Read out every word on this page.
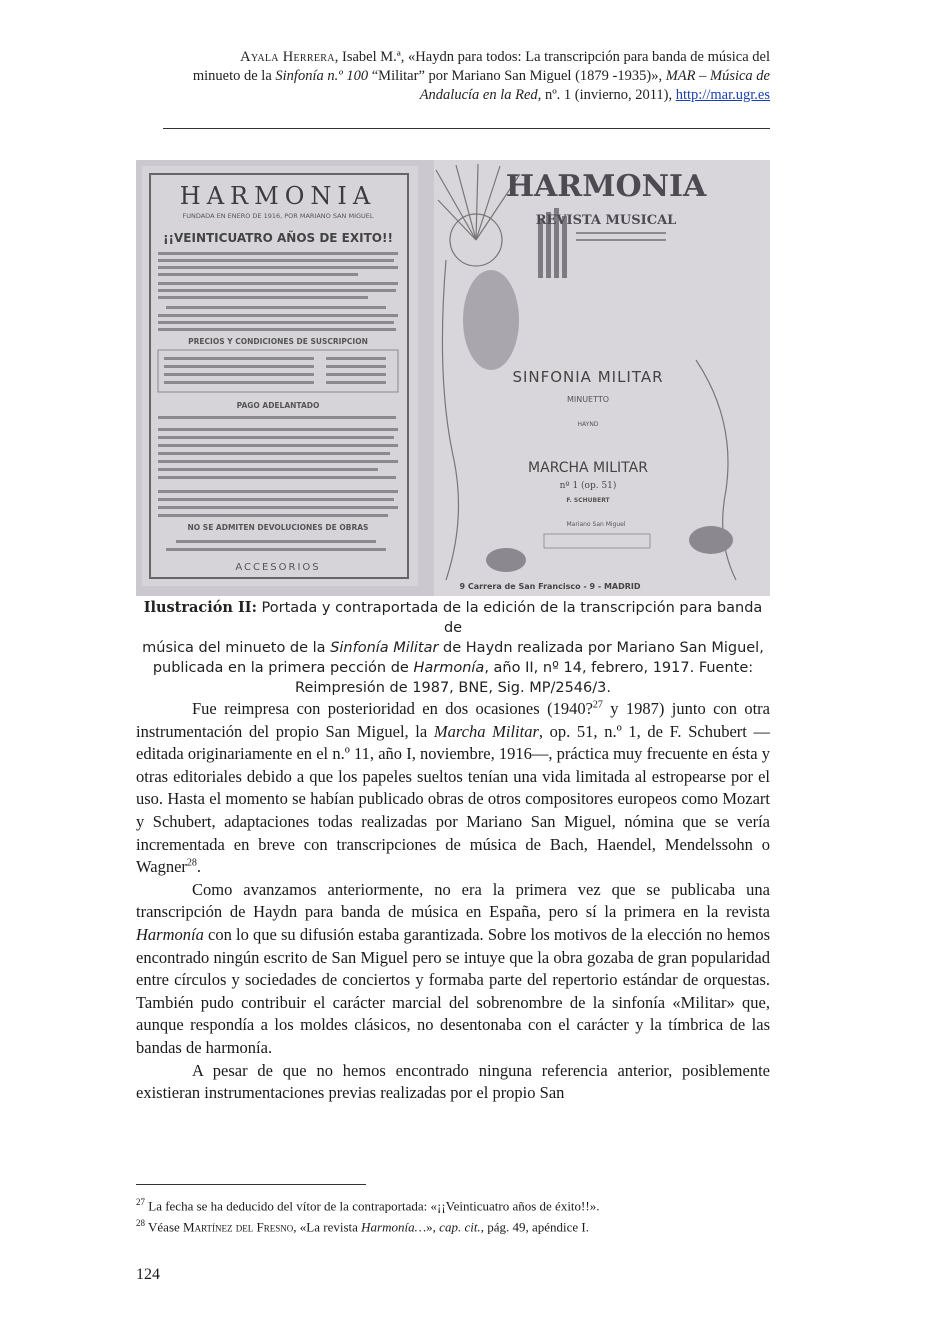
Ayala Herrera, Isabel M.ª, «Haydn para todos: La transcripción para banda de música del
minueto de la Sinfonía n.º 100 “Militar” por Mariano San Miguel (1879 -1935)», MAR – Música de
Andalucía en la Red, nº. 1 (invierno, 2011), http://mar.ugr.es
HARMONIA
FUNDADA EN ENERO DE 1916, POR MARIANO SAN MIGUEL
¡¡VEINTICUATRO AÑOS DE EXITO!!
PRECIOS Y CONDICIONES DE SUSCRIPCION
PAGO ADELANTADO
NO SE ADMITEN DEVOLUCIONES DE OBRAS
ACCESORIOS
HARMONIA
REVISTA MUSICAL
SINFONIA MILITAR
MINUETTO
HAYND
MARCHA MILITAR
nº 1 (op. 51)
F. SCHUBERT
Mariano San Miguel
9 Carrera de San Francisco - 9 - MADRID
Ilustración II: Portada y contraportada de la edición de la transcripción para banda de
música del minueto de la Sinfonía Militar de Haydn realizada por Mariano San Miguel,
publicada en la primera pección de Harmonía, año II, nº 14, febrero, 1917. Fuente:
Reimpresión de 1987, BNE, Sig. MP/2546/3.

Fue reimpresa con posterioridad en dos ocasiones (1940?$^{27}$ y 1987) junto con otra instrumentación del propio San Miguel, la Marcha Militar, op. 51, n.º 1, de F. Schubert —editada originariamente en el n.º 11, año I, noviembre, 1916—, práctica muy frecuente en ésta y otras editoriales debido a que los papeles sueltos tenían una vida limitada al estropearse por el uso. Hasta el momento se habían publicado obras de otros compositores europeos como Mozart y Schubert, adaptaciones todas realizadas por Mariano San Miguel, nómina que se vería incrementada en breve con transcripciones de música de Bach, Haendel, Mendelssohn o Wagner$^{28}$.

Como avanzamos anteriormente, no era la primera vez que se publicaba una transcripción de Haydn para banda de música en España, pero sí la primera en la revista Harmonía con lo que su difusión estaba garantizada. Sobre los motivos de la elección no hemos encontrado ningún escrito de San Miguel pero se intuye que la obra gozaba de gran popularidad entre círculos y sociedades de conciertos y formaba parte del repertorio estándar de orquestas. También pudo contribuir el carácter marcial del sobrenombre de la sinfonía «Militar» que, aunque respondía a los moldes clásicos, no desentonaba con el carácter y la tímbrica de las bandas de harmonía.

A pesar de que no hemos encontrado ninguna referencia anterior, posiblemente existieran instrumentaciones previas realizadas por el propio San

$^{27}$ La fecha se ha deducido del vítor de la contraportada: «¡¡Veinticuatro años de éxito!!».
$^{28}$ Véase Martínez del Fresno, «La revista Harmonía…», cap. cit., pág. 49, apéndice I.
124
